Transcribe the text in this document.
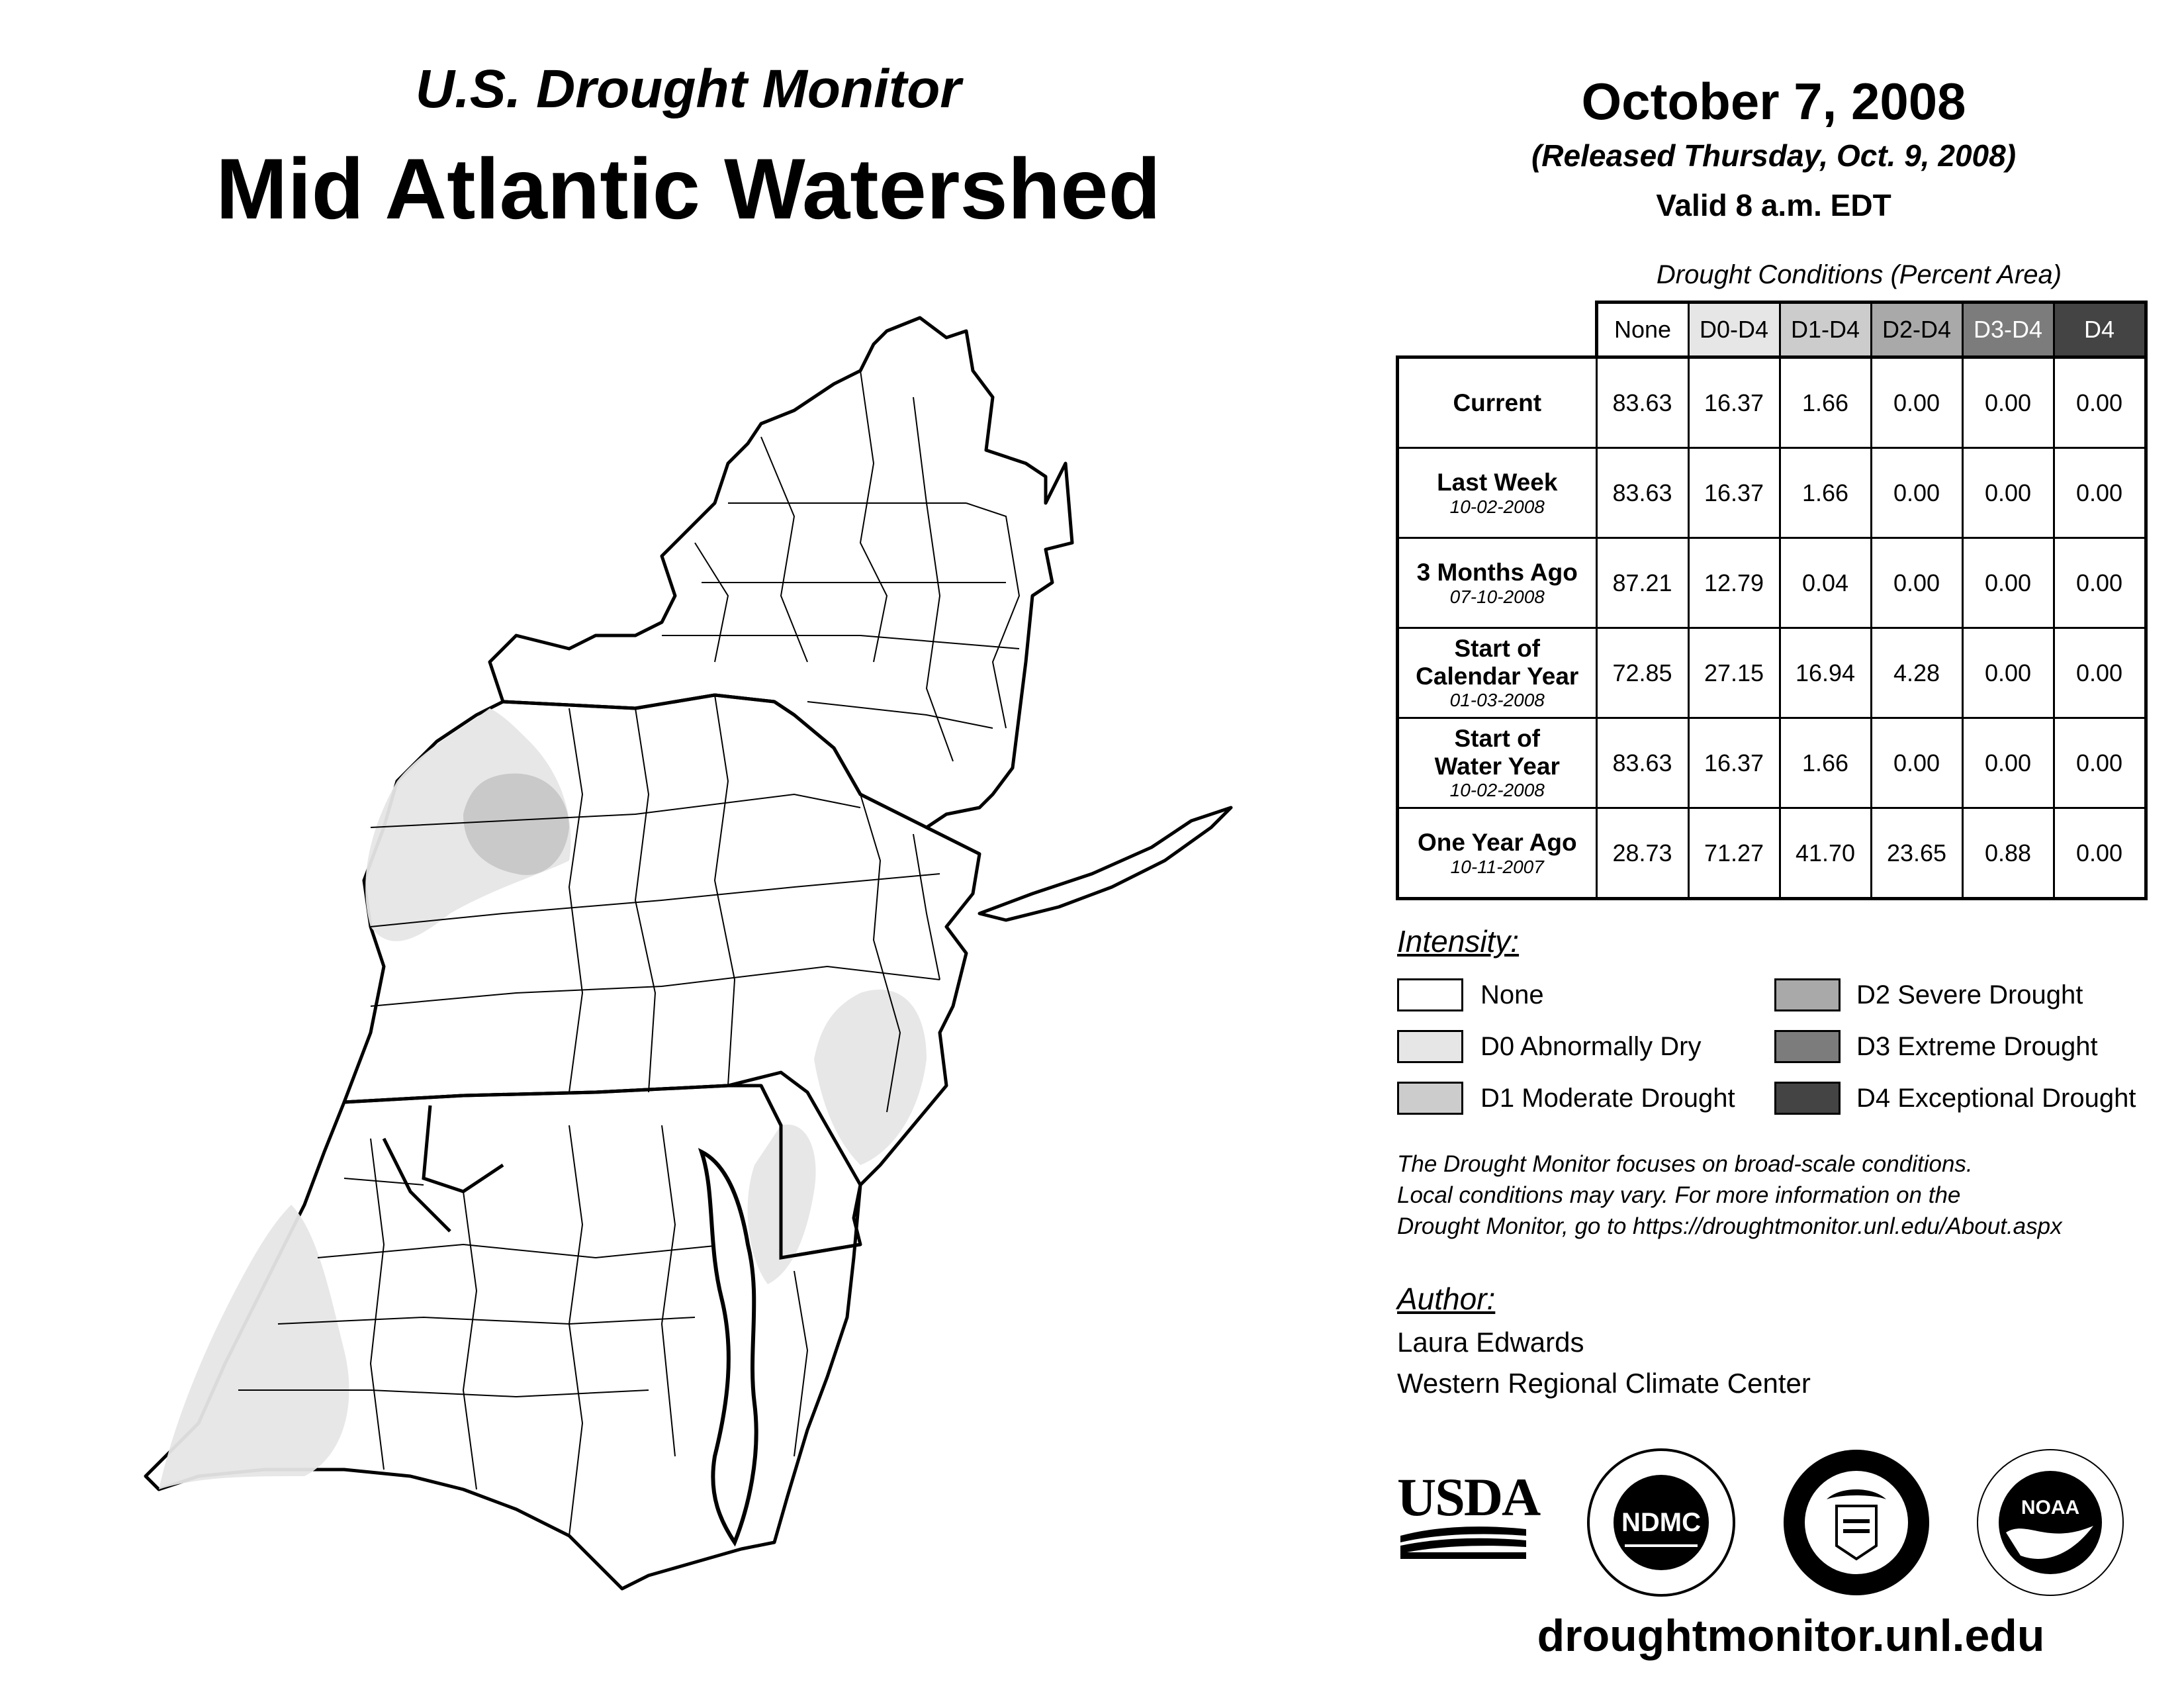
U.S. Drought Monitor
Mid Atlantic Watershed
October 7, 2008
(Released Thursday, Oct. 9, 2008)
Valid 8 a.m. EDT
Drought Conditions (Percent Area)
	None	D0-D4	D1-D4	D2-D4	D3-D4	D4
Current	83.63	16.37	1.66	0.00	0.00	0.00

Last Week
10-02-2008	83.63	16.37	1.66	0.00	0.00	0.00

3 Months Ago
07-10-2008	87.21	12.79	0.04	0.00	0.00	0.00

Start of
Calendar Year
01-03-2008	72.85	27.15	16.94	4.28	0.00	0.00

Start of
Water Year
10-02-2008	83.63	16.37	1.66	0.00	0.00	0.00

One Year Ago
10-11-2007	28.73	71.27	41.70	23.65	0.88	0.00
Intensity:
None
D0 Abnormally Dry
D1 Moderate Drought
D2 Severe Drought
D3 Extreme Drought
D4 Exceptional Drought
The Drought Monitor focuses on broad-scale conditions.
Local conditions may vary. For more information on the
Drought Monitor, go to https://droughtmonitor.unl.edu/About.aspx
Author:
Laura Edwards
Western Regional Climate Center
USDA	NDMC
NOAA
droughtmonitor.unl.edu
